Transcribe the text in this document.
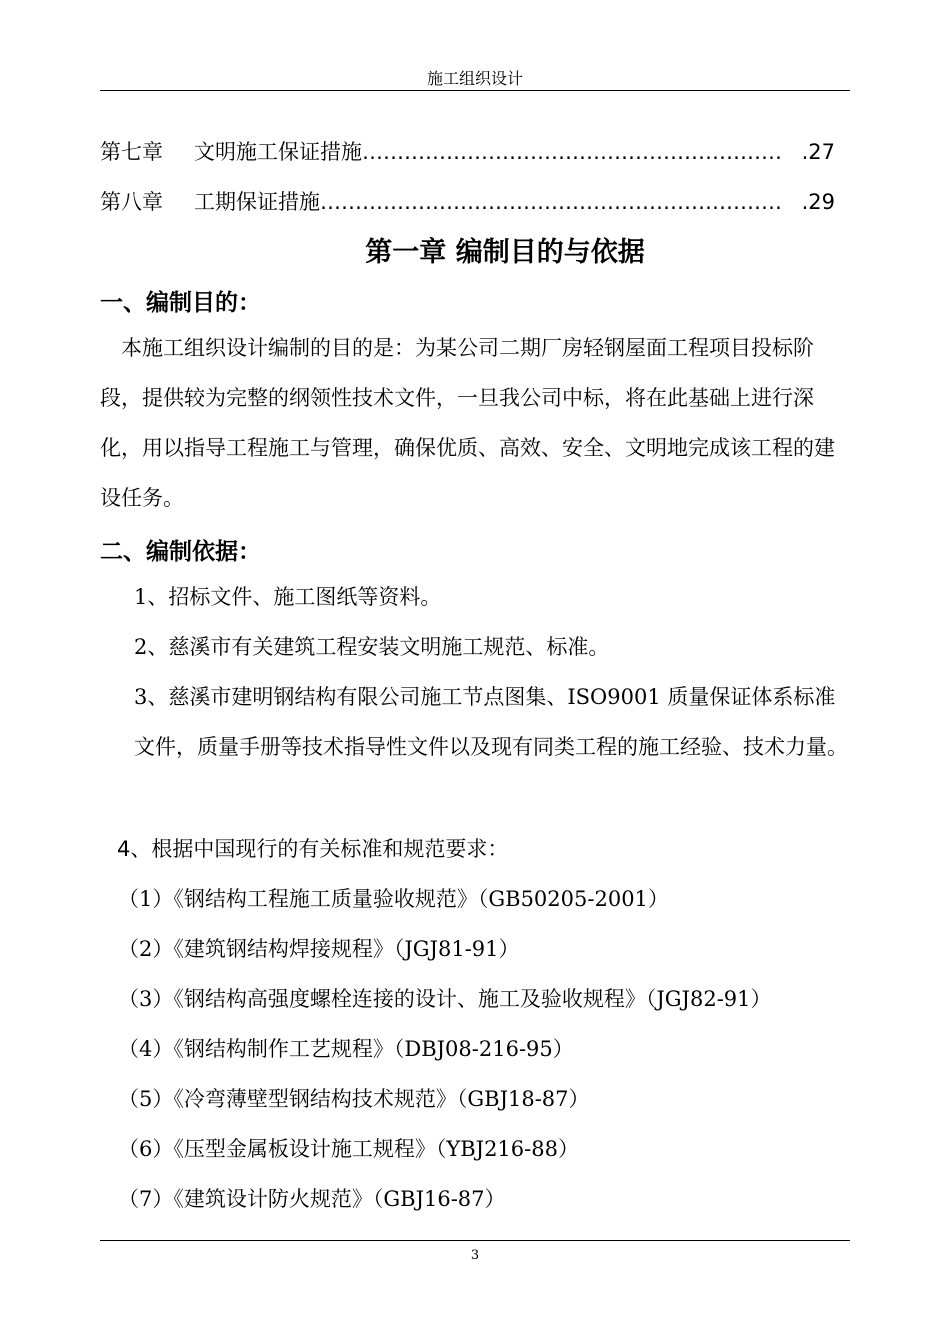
施工组织设计
第七章	文明施工保证措施 …………………………………………………… .27
第八章	工期保证措施 ………………………………………………………… .29
第一章 编制目的与依据
一、编制目的：
本施工组织设计编制的目的是：为某公司二期厂房轻钢屋面工程项目投标阶段，提供较为完整的纲领性技术文件，一旦我公司中标，将在此基础上进行深化，用以指导工程施工与管理，确保优质、高效、安全、文明地完成该工程的建设任务。
二、编制依据：
1、招标文件、施工图纸等资料。
2、慈溪市有关建筑工程安装文明施工规范、标准。
3、慈溪市建明钢结构有限公司施工节点图集、ISO9001 质量保证体系标准文件，质量手册等技术指导性文件以及现有同类工程的施工经验、技术力量。
4、根据中国现行的有关标准和规范要求：
（1）《钢结构工程施工质量验收规范》（GB50205-2001）
（2）《建筑钢结构焊接规程》（JGJ81-91）
（3）《钢结构高强度螺栓连接的设计、施工及验收规程》（JGJ82-91）
（4）《钢结构制作工艺规程》（DBJ08-216-95）
（5）《冷弯薄壁型钢结构技术规范》（GBJ18-87）
（6）《压型金属板设计施工规程》（YBJ216-88）
（7）《建筑设计防火规范》（GBJ16-87）
3
